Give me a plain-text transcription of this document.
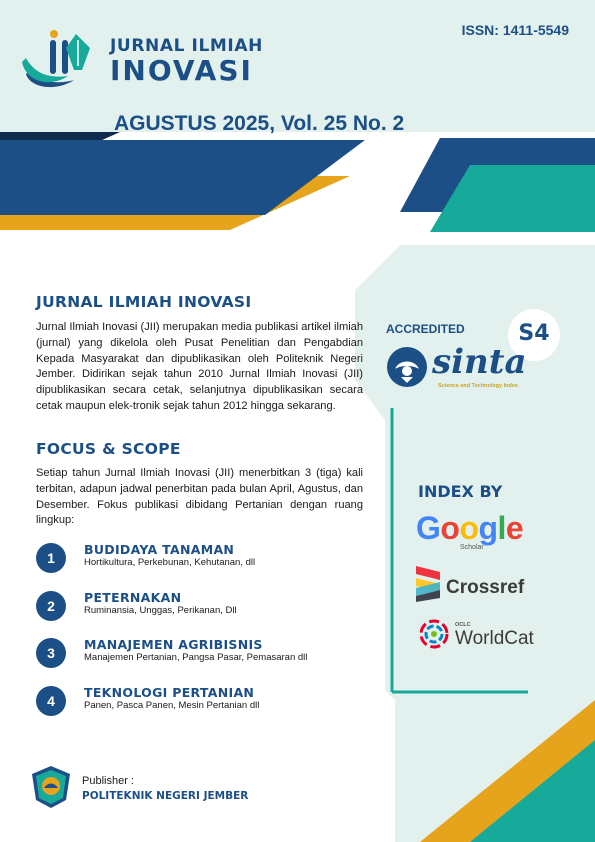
JURNAL ILMIAH
INOVASI
ISSN: 1411-5549
AGUSTUS 2025, Vol. 25 No. 2
JURNAL ILMIAH INOVASI
Jurnal Ilmiah Inovasi (JII) merupakan media publikasi artikel ilmiah (jurnal) yang dikelola oleh Pusat Penelitian dan Pengabdian Kepada Masyarakat dan dipublikasikan oleh Politeknik Negeri Jember. Didirikan sejak tahun 2010 Jurnal Ilmiah Inovasi (JII) dipublikasikan secara cetak, selanjutnya dipublikasikan secara cetak maupun elek-tronik sejak tahun 2012 hingga sekarang.
FOCUS & SCOPE
Setiap tahun Jurnal Ilmiah Inovasi (JII) menerbitkan 3 (tiga) kali terbitan, adapun jadwal penerbitan pada bulan April, Agustus, dan Desember. Fokus publikasi dibidang Pertanian dengan ruang lingkup:
1
BUDIDAYA TANAMAN
Hortikultura, Perkebunan, Kehutanan, dll
2
PETERNAKAN
Ruminansia, Unggas, Perikanan, Dll
3
MANAJEMEN AGRIBISNIS
Manajemen Pertanian, Pangsa Pasar, Pemasaran dll
4
TEKNOLOGI PERTANIAN
Panen, Pasca Panen, Mesin Pertanian dll
ACCREDITED	S4
sinta
Science and Technology Index
INDEX BY
Google
Scholar
Crossref
OCLC
WorldCat
Publisher :
POLITEKNIK NEGERI JEMBER
